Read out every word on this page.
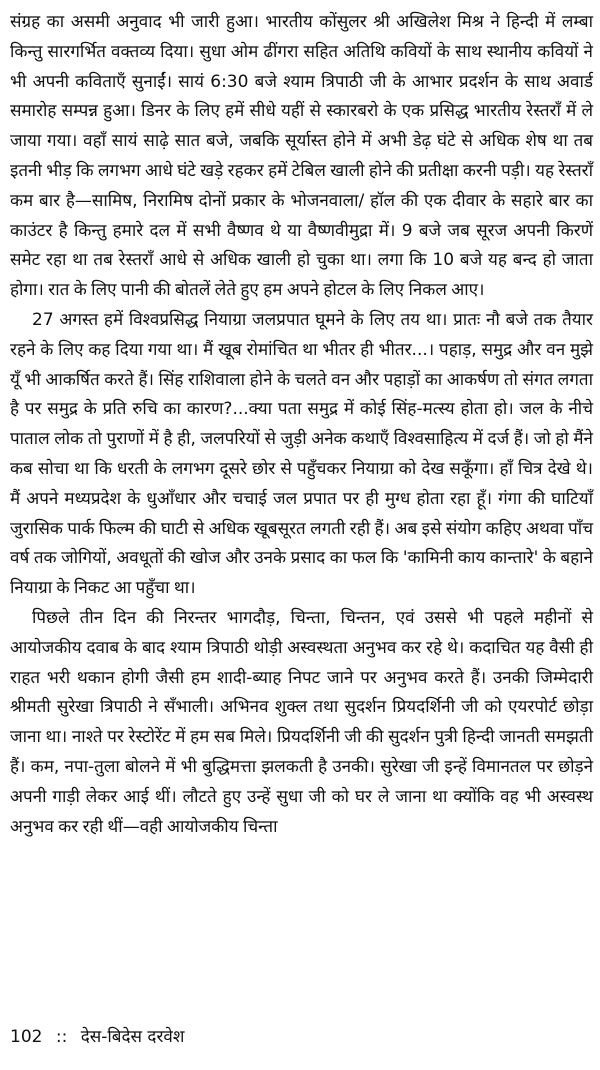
संग्रह का असमी अनुवाद भी जारी हुआ। भारतीय कोंसुलर श्री अखिलेश मिश्र ने हिन्दी में लम्बा किन्तु सारगर्भित वक्तव्य दिया। सुधा ओम ढींगरा सहित अतिथि कवियों के साथ स्थानीय कवियों ने भी अपनी कविताएँ सुनाईं। सायं 6:30 बजे श्याम त्रिपाठी जी के आभार प्रदर्शन के साथ अवार्ड समारोह सम्पन्न हुआ। डिनर के लिए हमें सीधे यहीं से स्कारबरो के एक प्रसिद्ध भारतीय रेस्तराँ में ले जाया गया। वहाँ सायं साढ़े सात बजे, जबकि सूर्यास्त होने में अभी डेढ़ घंटे से अधिक शेष था तब इतनी भीड़ कि लगभग आधे घंटे खड़े रहकर हमें टेबिल खाली होने की प्रतीक्षा करनी पड़ी। यह रेस्तराँ कम बार है—सामिष, निरामिष दोनों प्रकार के भोजनवाला/ हॉल की एक दीवार के सहारे बार का काउंटर है किन्तु हमारे दल में सभी वैष्णव थे या वैष्णवीमुद्रा में। 9 बजे जब सूरज अपनी किरणें समेट रहा था तब रेस्तराँ आधे से अधिक खाली हो चुका था। लगा कि 10 बजे यह बन्द हो जाता होगा। रात के लिए पानी की बोतलें लेते हुए हम अपने होटल के लिए निकल आए।

27 अगस्त हमें विश्वप्रसिद्ध नियाग्रा जलप्रपात घूमने के लिए तय था। प्रातः नौ बजे तक तैयार रहने के लिए कह दिया गया था। मैं खूब रोमांचित था भीतर ही भीतर...। पहाड़, समुद्र और वन मुझे यूँ भी आकर्षित करते हैं। सिंह राशिवाला होने के चलते वन और पहाड़ों का आकर्षण तो संगत लगता है पर समुद्र के प्रति रुचि का कारण?...क्या पता समुद्र में कोई सिंह-मत्स्य होता हो। जल के नीचे पाताल लोक तो पुराणों में है ही, जलपरियों से जुड़ी अनेक कथाएँ विश्वसाहित्य में दर्ज हैं। जो हो मैंने कब सोचा था कि धरती के लगभग दूसरे छोर से पहुँचकर नियाग्रा को देख सकूँगा। हाँ चित्र देखे थे। मैं अपने मध्यप्रदेश के धुआँधार और चचाई जल प्रपात पर ही मुग्ध होता रहा हूँ। गंगा की घाटियाँ जुरासिक पार्क फिल्म की घाटी से अधिक खूबसूरत लगती रही हैं। अब इसे संयोग कहिए अथवा पाँच वर्ष तक जोगियों, अवधूतों की खोज और उनके प्रसाद का फल कि 'कामिनी काय कान्तारे' के बहाने नियाग्रा के निकट आ पहुँचा था।

पिछले तीन दिन की निरन्तर भागदौड़, चिन्ता, चिन्तन, एवं उससे भी पहले महीनों से आयोजकीय दवाब के बाद श्याम त्रिपाठी थोड़ी अस्वस्थता अनुभव कर रहे थे। कदाचित यह वैसी ही राहत भरी थकान होगी जैसी हम शादी-ब्याह निपट जाने पर अनुभव करते हैं। उनकी जिम्मेदारी श्रीमती सुरेखा त्रिपाठी ने सँभाली। अभिनव शुक्ल तथा सुदर्शन प्रियदर्शिनी जी को एयरपोर्ट छोड़ा जाना था। नाश्ते पर रेस्टोरेंट में हम सब मिले। प्रियदर्शिनी जी की सुदर्शन पुत्री हिन्दी जानती समझती हैं। कम, नपा-तुला बोलने में भी बुद्धिमत्ता झलकती है उनकी। सुरेखा जी इन्हें विमानतल पर छोड़ने अपनी गाड़ी लेकर आई थीं। लौटते हुए उन्हें सुधा जी को घर ले जाना था क्योंकि वह भी अस्वस्थ अनुभव कर रही थीं—वही आयोजकीय चिन्ता

102 :: देस-बिदेस दरवेश
